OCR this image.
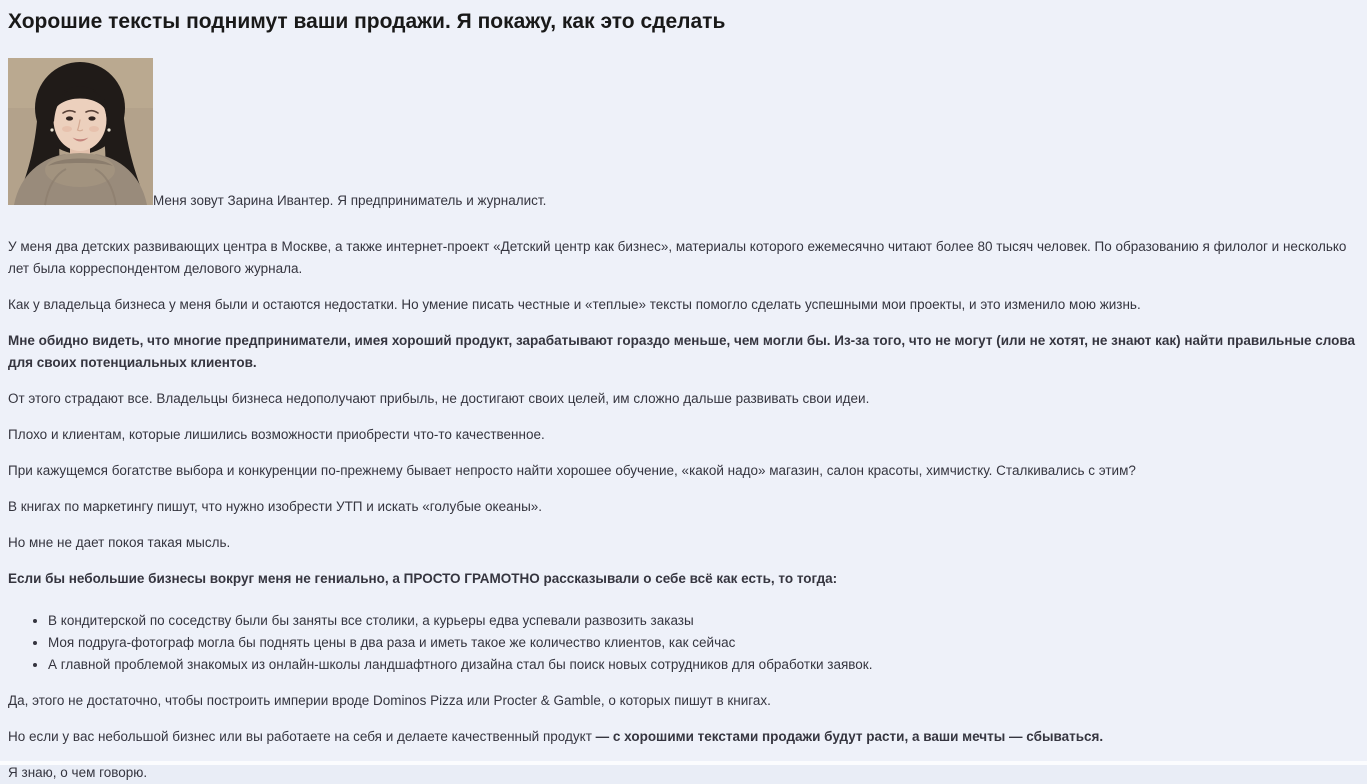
Хорошие тексты поднимут ваши продажи. Я покажу, как это сделать

Меня зовут Зарина Ивантер. Я предприниматель и журналист.

У меня два детских развивающих центра в Москве, а также интернет-проект «Детский центр как бизнес», материалы которого ежемесячно читают более 80 тысяч человек. По образованию я филолог и несколько лет была корреспондентом делового журнала.

Как у владельца бизнеса у меня были и остаются недостатки. Но умение писать честные и «теплые» тексты помогло сделать успешными мои проекты, и это изменило мою жизнь.

Мне обидно видеть, что многие предприниматели, имея хороший продукт, зарабатывают гораздо меньше, чем могли бы. Из-за того, что не могут (или не хотят, не знают как) найти правильные слова для своих потенциальных клиентов.

От этого страдают все. Владельцы бизнеса недополучают прибыль, не достигают своих целей, им сложно дальше развивать свои идеи.

Плохо и клиентам, которые лишились возможности приобрести что-то качественное.

При кажущемся богатстве выбора и конкуренции по-прежнему бывает непросто найти хорошее обучение, «какой надо» магазин, салон красоты, химчистку. Сталкивались с этим?

В книгах по маркетингу пишут, что нужно изобрести УТП и искать «голубые океаны».

Но мне не дает покоя такая мысль.

Если бы небольшие бизнесы вокруг меня не гениально, а ПРОСТО ГРАМОТНО рассказывали о себе всё как есть, то тогда:

• В кондитерской по соседству были бы заняты все столики, а курьеры едва успевали развозить заказы
• Моя подруга-фотограф могла бы поднять цены в два раза и иметь такое же количество клиентов, как сейчас
• А главной проблемой знакомых из онлайн-школы ландшафтного дизайна стал бы поиск новых сотрудников для обработки заявок.

Да, этого не достаточно, чтобы построить империи вроде Dominos Pizza или Procter & Gamble, о которых пишут в книгах.

Но если у вас небольшой бизнес или вы работаете на себя и делаете качественный продукт — с хорошими текстами продажи будут расти, а ваши мечты — сбываться.

Я знаю, о чем говорю.
